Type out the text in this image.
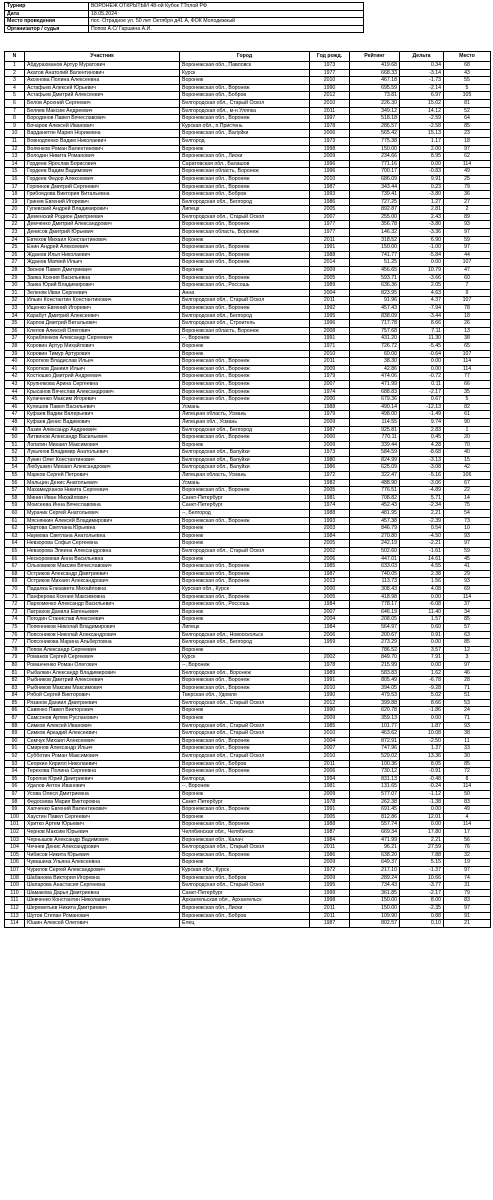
Турнир	ВОРОНЕЖ ОТКРЫТЫЙ 48-ой Кубок ТТплой РФ
Дата	18.05.2024
Место проведения	пос. Отрадное ул. 50 лет Октября д41 А, ФОК Молодежный
Организатор / судья	Попов А.С/ Гаршина А.И.
N	Участник	Город	Год рожд.	Рейтинг	Дельта	Место
1	Абдурахманов Артур Муратович	Воронежская обл., Павловск	1973	419.68	0.34	68
2	Акатов Анатолий Валентинович	Курск	1977	668.33	-3.14	43
3	Аксенова Полина Алексеевна	Воронеж	2010	467.18	-1.73	55
4	Астафьев Алексей Юрьевич	Воронежская обл., Воронеж	1990	695.59	-2.14	5
5	Астафьев Дмитрий Алексеевич	Воронежская обл., Бобров	2012	73.81	6.97	105
6	Белов Арсений Сергеевич	Белгородская обл., Старый Оскол	2010	226.30	15.02	81
7	Беляев Максим Андреевич	Белгородская обл., м-н Уляпка	2011	349.12	14.12	52
8	Бородинов Павел Вячеславович	Воронежская обл., Воронеж	1997	518.18	-2.59	64
9	Бочаров Алексей Иванович	Курская обл., п.Пристень	1978	286.57	-2.58	85
10	Варданетян Мария Норикевна	Воронежская обл., Валуйки	2006	565.42	15.13	23
11	Вовнодпенко Вадим Николаевич	Белгород	1973	775.38	1.17	18
12	Воленков Роман Валентинович	Воронеж	1998	150.00	2.00	97
13	Володин Никита Романович	Воронежская обл., Лиски	2009	234.66	8.95	62
14	Гордеев Ярослав Борисович	Саратовская обл., Балашов	1996	771.16	0.00	114
15	Гордеев Вадим Вадимович	Воронежская область, Воронеж	1996	700.17	-0.83	49
16	Гордеев Федор Алексеевич	Воронежская обл., Воронеж	2010	686.09	9.91	25
17	Горяинов Дмитрий Сергеевич	Воронежская обл., Воронеж	1987	343.44	0.23	79
18	Грибоедова Виктория Витальевна	Воронежская обл., Бобров	1993	739.41	-3.80	36
19	Гринев Евгений Игоревич	Белгородская обл., Белгород	1986	727.25	1.27	27
20	Гупевский Андрей Владимирович	Липецк	2005	892.87	2.81	2
21	Деменский Родион Дмитриевич	Белгородская обл., Старый Оскол	2007	255.00	2.43	89
22	Демченко Дмитрий Александрович	Воронежская обл., Воронеж	1977	356.78	-3.80	93
23	Денисов Дмитрий Юрьевич	Воронежская область, Воронеж	1977	146.32	-3.36	97
24	Евтехов Михаил Константинович	Воронеж	2011	318.52	6.90	59
25	Енин Андрей Алексеевич	Воронежская обл., Воронеж	1991	150.00	-1.00	97
26	Жданов Илья Николаевич	Воронежская обл., Воронеж	1988	741.77	-5.84	44
27	Жданов Матвей Ильич	Воронежская обл., Воронеж	2014	51.25	0.00	107
28	Звонов Павел Дмитриевич	Воронеж	2009	456.65	10.79	47
29	Заика Ксения Васильевна	Воронежская обл., Воронеж	2005	593.71	-3.66	60
30	Заика Юрий Владимирович	Воронежская обл., Россошь	1989	636.36	2.05	7
31	Зеленяк Иван Сергеевич	Анна	2004	823.95	4.63	9
32	Ильин Константин Константинович	Белгородская обл., Старый Оскол	2011	91.96	4.37	107
33	Ищенко Евгений Игоревич	Воронежская обл., Воронеж	1992	457.43	-7.94	78
34	Карабут Дмитрий Алексеевич	Белгородская обл., Белгород	1995	838.09	-3.44	18
35	Карпов Дмитрий Витальевич	Белгородская обл., Строитель	1996	717.78	8.66	26
36	Клепов Алексей Олегович	Воронежская область, Воронеж	2008	757.68	7.11	13
37	Корабленков Александр Сергеевич	--, Воронеж	1991	431.20	11.30	38
38	Коровин Артур Михайлович	Воронеж	1971	726.72	-5.45	65
39	Коровин Тимур Артурович	Воронеж	2010	60.00	-0.64	107
40	Коротков Владислав Ильич	Воронежская обл., Воронеж	2011	38.30	0.00	114
41	Коротков Даниил Ильич	Воронежская обл., Воронеж	2009	42.86	0.00	114
42	Костюшко Дмитрий Андреевич	Воронежская обл., Воронеж	1979	474.06	-0.72	77
43	Крупнякова Арина Сергеевна	Воронежская обл., Воронеж	2007	471.99	0.11	66
44	Крысанов Вячеслав Александрович	Воронежская обл., Воронеж	1974	688.83	-2.17	35
45	Кулаченко Максим Игоревич	Воронежская обл., Воронеж	2000	679.36	0.67	5
46	Кулешов Павел Васильевич	Усмань	1988	490.14	-12.13	82
47	Куфаев Вадим Валерьевич	Липецкая область, Усмань	1979	498.00	-1.49	61
48	Куфаев Денис Вадимович	Липецкая обл., Усмань	2009	114.55	9.74	90
49	Лазин Александр Андреевич	Белгородская обл., Белгород	1987	925.81	2.83	1
50	Литвинов Александр Васильевич	Воронежская обл., Воронеж	2000	770.11	0.45	20
51	Лопатин Михаил Максимович	Воронеж	2009	339.44	4.28	70
52	Лукьянов Владимир Анатольевич	Белгородская обл., Валуйки	1973	584.59	-8.68	40
53	Лукин Олег Константинович	Белгородская обл., Валуйки	1980	824.99	-3.13	15
54	Любушкин Михаил Александрович	Белгородская обл., Валуйки	1986	625.09	-3.08	42
55	Марков Сергей Петрович	Липецкая область, Усмань	1972	322.47	-5.16	106
56	Мальцин Денис Анатольевич	Усмань	1982	488.90	-3.06	67
57	Махамедханов Никита Сергеевич	Воронежская обл., Воронеж	2005	776.51	-4.89	22
58	Минин Иван Михайлович	Санкт-Петербург	1981	708.82	5.71	14
59	Моисеева Инна Вячеславовна	Санкт-Петербург	1974	452.43	-2.34	75
60	Мурачик Сергей Анатольевич	--, Белгород	1988	481.95	2.21	54
61	Мяснянкин Алексей Владимирович	Воронежская обл., Воронеж	1993	457.38	-2.39	73
62	Нартова Светлана Юрьевна	Воронеж	2003	846.79	0.54	10
63	Наумова Светлана Анатольевна	Воронеж	1984	270.80	-4.50	93
64	Невзорова Софья Сергеевна	Воронеж	2005	242.19	-2.21	97
65	Невзорова Элеина Александровна	Белгородская обл., Старый Оскол	2002	502.60	-1.61	59
66	Нескоромная Анна Васильевна	Воронеж	2006	447.01	14.61	45
67	Ольховиков Максим Вячеславович	Воронежская обл., Воронеж	1985	633.03	4.55	41
68	Остриков Александр Дмитриевич	Воронежская обл., Воронеж	1987	740.05	2.38	29
69	Остриков Михаил Александрович	Воронежская обл., Воронеж	2013	113.73	1.56	93
70	Падалка Елизавета Михайловна	Курская обл., Курск	2000	308.43	4.08	69
71	Панферова Ксения Максимовна	Воронежская обл., Воронеж	2005	418.98	0.00	114
72	Пархоменко Александр Васильевич	Воронежская обл., Россошь	1984	778.17	-6.08	37
73	Патрахов Данила Евгеньевич	Воронеж	2007	646.19	11.40	34
74	Погодин Станислав Алексеевич	Воронеж	2004	208.05	1.57	85
75	Попенников Николай Владимирович	Липецк	1984	564.97	0.60	57
76	Попсоников Николай Александрович	Белгородская обл., Новооскольск	2006	200.67	0.91	63
77	Попсоникова Марина Альбертовна	Белгородская обл., Белгород	1959	273.29	0.00	85
78	Попов Александр Сергеевич	Воронеж		786.52	3.57	12
79	Романов Сергей Сергеевич	Курск	2002	849.70	7.91	3
80	Романченко Роман Олегович	--, Воронеж	1978	215.99	0.00	97
81	Рыбалкин Александр Владимирович	Белгородская обл., Воронеж	1989	583.83	1.62	46
82	Рыбников Дмитрий Алексеевич	Воронежская обл., Воронеж	1991	805.49	-6.78	28
83	Рыбников Максим Максимович	Воронежская обл., Воронеж	2010	394.05	-9.28	71
84	Рябой Сергей Викторович	Тверская обл., Удомля	1990	479.53	5.02	51
85	Рязанов Даниил Дмитриевич	Белгородская обл., Старый Оскол	2012	399.88	8.66	53
86	Савенко Павел Викторович	Воронеж	1990	620.78	-1.86	24
87	Самсонов Артем Русланович	Воронеж	2009	359.13	0.00	71
88	Симков Алексей Иванович	Белгородская обл., Старый Оскол	1985	101.77	1.87	93
89	Симков Аркадий Алексеевич	Белгородская обл., Старый Оскол	2010	463.62	10.08	38
90	Семчук Михаил Алексеевич	Воронежская обл., Воронеж	2004	872.91	-2.50	11
91	Смирнов Александр Ильич	Воронежская обл., Воронеж	2007	747.96	1.37	33
92	Субботин Роман Максимович	Белгородская обл., Старый Оскол	2010	529.02	13.36	30
93	Сеоркин Кирилл Николаевич	Воронежская обл., Бобров	2011	100.36	8.05	85
94	Терехова Полина Сергеевна	Воронежская обл., Воронеж	2006	730.12	-0.91	72
95	Торопов Юрий Дмитриевич	Белгород	1994	831.13	-0.48	8
96	Удалов Антон Иванович	--, Воронеж	1981	131.65	-0.24	114
97	Усова Олеся Дмитриевна	Воронеж	2009	577.07	-1.12	50
98	Федоскева Мария Викторовна	Санкт-Петербург	1978	262.38	-1.38	83
99	Хапченко Евгений Валентинович	Воронежская обл., Воронеж	1991	691.45	0.00	49
100	Хаустин Павел Сергеевич	Воронеж	2005	812.86	12.01	4
101	Хритко Артем Юрьевич	Воронежская обл., Воронеж	1988	557.74	0.00	114
102	Чернов Максим Юрьевич	Челябинская обл., Челябинск	1987	669.34	17.80	17
103	Чернышов Александр Вадимович	Воронежская обл., Калач	1984	471.99	2.21	56
104	Чечнев Денис Александрович	Белгородская обл., Старый Оскол	2011	96.21	27.59	76
105	Чибисов Никита Юрьевич	Воронежская обл., Воронеж	1986	638.20	7.88	32
106	Чувашина Ульяна Алексеевна	Воронеж	2009	649.37	5.15	19
107	Чурилов Сергей Александрович	Курская обл., Курск	1972	217.10	-1.37	97
108	Шабанова Виктория Игоревна	Воронежская обл., Бобров	2009	289.24	10.66	74
109	Шапарова Анастасия Сергеевна	Белгородская обл., Старый Оскол	1995	734.43	-3.77	31
110	Шамакова Дарья Дмитриевна	Санкт-Петербург	1999	361.85	-2.17	79
111	Шевченко Константин Николаевич	Архангельская обл., Архангельск	1998	150.00	8.00	83
112	Шереметьев Никита Дмитриевич	Воронежская обл., Лиски	2011	150.00	-2.35	97
113	Шутов Степан Романович	Воронежская обл., Бобров	2011	109.90	0.88	91
114	Юшин Алексей Олегович	Елец	1987	802.57	0.10	21
